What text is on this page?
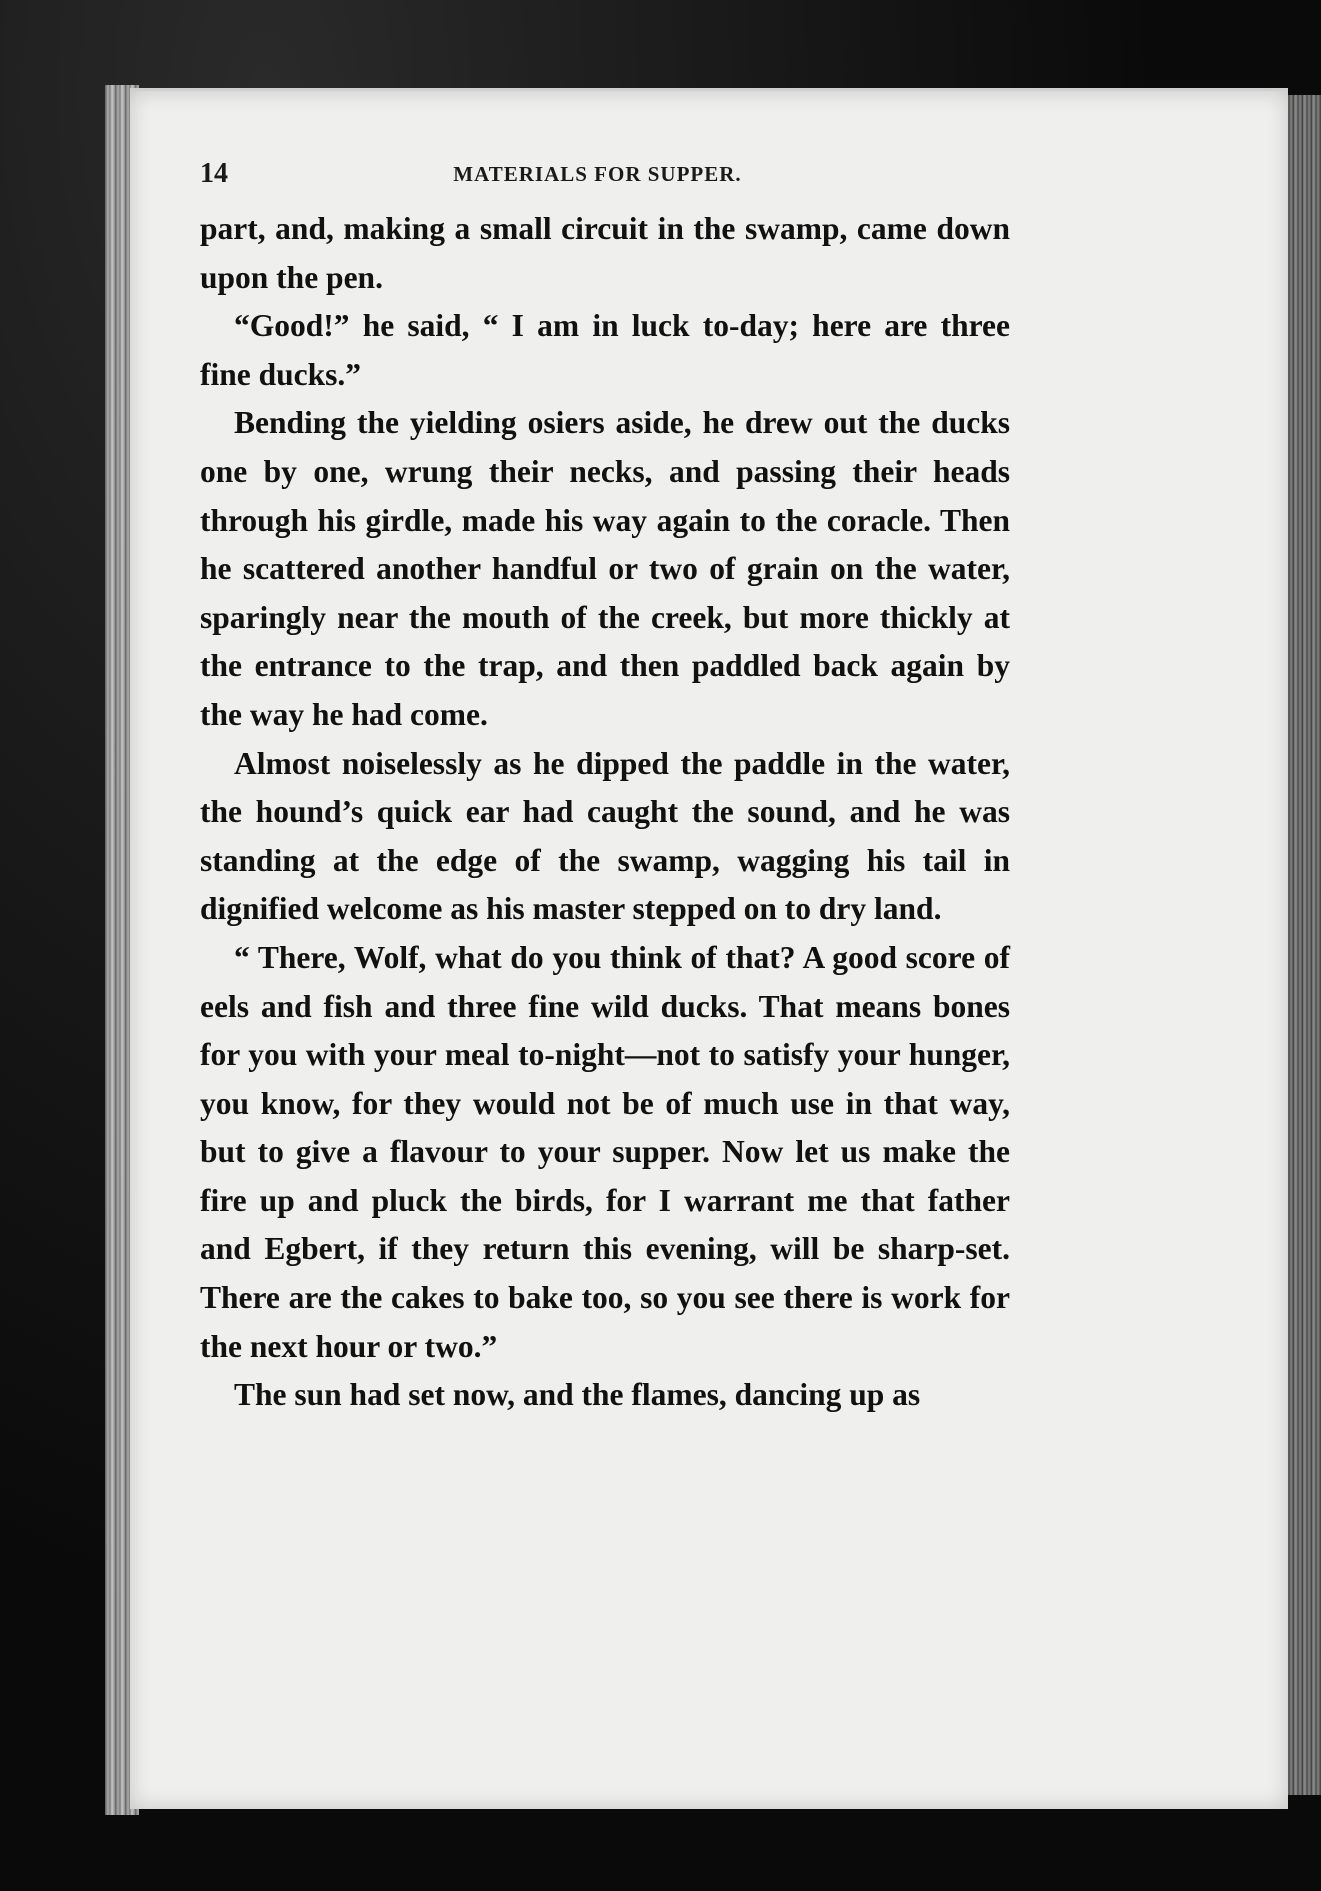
14	MATERIALS FOR SUPPER.

part, and, making a small circuit in the swamp, came down upon the pen.

“Good!” he said, “ I am in luck to-day; here are three fine ducks.”

Bending the yielding osiers aside, he drew out the ducks one by one, wrung their necks, and passing their heads through his girdle, made his way again to the coracle. Then he scattered another handful or two of grain on the water, sparingly near the mouth of the creek, but more thickly at the entrance to the trap, and then paddled back again by the way he had come.

Almost noiselessly as he dipped the paddle in the water, the hound’s quick ear had caught the sound, and he was standing at the edge of the swamp, wagging his tail in dignified welcome as his master stepped on to dry land.

“ There, Wolf, what do you think of that? A good score of eels and fish and three fine wild ducks. That means bones for you with your meal to-night—not to satisfy your hunger, you know, for they would not be of much use in that way, but to give a flavour to your supper. Now let us make the fire up and pluck the birds, for I warrant me that father and Egbert, if they return this evening, will be sharp-set. There are the cakes to bake too, so you see there is work for the next hour or two.”

The sun had set now, and the flames, dancing up as
